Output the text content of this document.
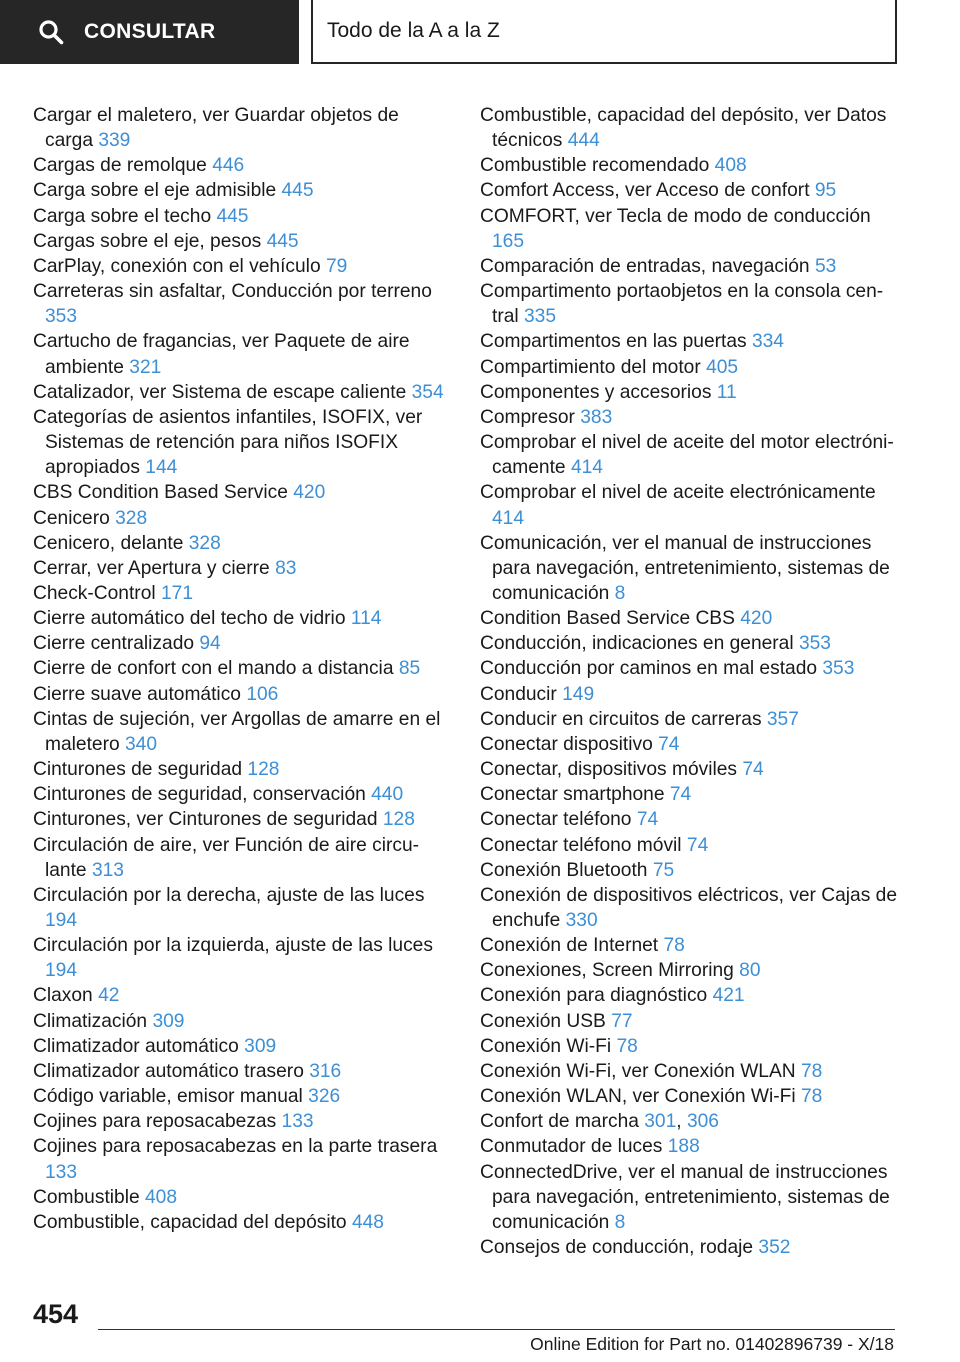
CONSULTAR	Todo de la A a la Z
Cargar el maletero, ver Guardar objetos de carga 339
Cargas de remolque 446
Carga sobre el eje admisible 445
Carga sobre el techo 445
Cargas sobre el eje, pesos 445
CarPlay, conexión con el vehículo 79
Carreteras sin asfaltar, Conducción por terreno 353
Cartucho de fragancias, ver Paquete de aire ambiente 321
Catalizador, ver Sistema de escape caliente 354
Categorías de asientos infantiles, ISOFIX, ver Sistemas de retención para niños ISOFIX apropiados 144
CBS Condition Based Service 420
Cenicero 328
Cenicero, delante 328
Cerrar, ver Apertura y cierre 83
Check-Control 171
Cierre automático del techo de vidrio 114
Cierre centralizado 94
Cierre de confort con el mando a distancia 85
Cierre suave automático 106
Cintas de sujeción, ver Argollas de amarre en el maletero 340
Cinturones de seguridad 128
Cinturones de seguridad, conservación 440
Cinturones, ver Cinturones de seguridad 128
Circulación de aire, ver Función de aire circulante 313
Circulación por la derecha, ajuste de las luces 194
Circulación por la izquierda, ajuste de las luces 194
Claxon 42
Climatización 309
Climatizador automático 309
Climatizador automático trasero 316
Código variable, emisor manual 326
Cojines para reposacabezas 133
Cojines para reposacabezas en la parte trasera 133
Combustible 408
Combustible, capacidad del depósito 448
Combustible, capacidad del depósito, ver Datos técnicos 444
Combustible recomendado 408
Comfort Access, ver Acceso de confort 95
COMFORT, ver Tecla de modo de conducción 165
Comparación de entradas, navegación 53
Compartimento portaobjetos en la consola central 335
Compartimentos en las puertas 334
Compartimiento del motor 405
Componentes y accesorios 11
Compresor 383
Comprobar el nivel de aceite del motor electrónicamente 414
Comprobar el nivel de aceite electrónicamente 414
Comunicación, ver el manual de instrucciones para navegación, entretenimiento, sistemas de comunicación 8
Condition Based Service CBS 420
Conducción, indicaciones en general 353
Conducción por caminos en mal estado 353
Conducir 149
Conducir en circuitos de carreras 357
Conectar dispositivo 74
Conectar, dispositivos móviles 74
Conectar smartphone 74
Conectar teléfono 74
Conectar teléfono móvil 74
Conexión Bluetooth 75
Conexión de dispositivos eléctricos, ver Cajas de enchufe 330
Conexión de Internet 78
Conexiones, Screen Mirroring 80
Conexión para diagnóstico 421
Conexión USB 77
Conexión Wi-Fi 78
Conexión Wi-Fi, ver Conexión WLAN 78
Conexión WLAN, ver Conexión Wi-Fi 78
Confort de marcha 301, 306
Conmutador de luces 188
ConnectedDrive, ver el manual de instrucciones para navegación, entretenimiento, sistemas de comunicación 8
Consejos de conducción, rodaje 352
454
Online Edition for Part no. 01402896739 - X/18
